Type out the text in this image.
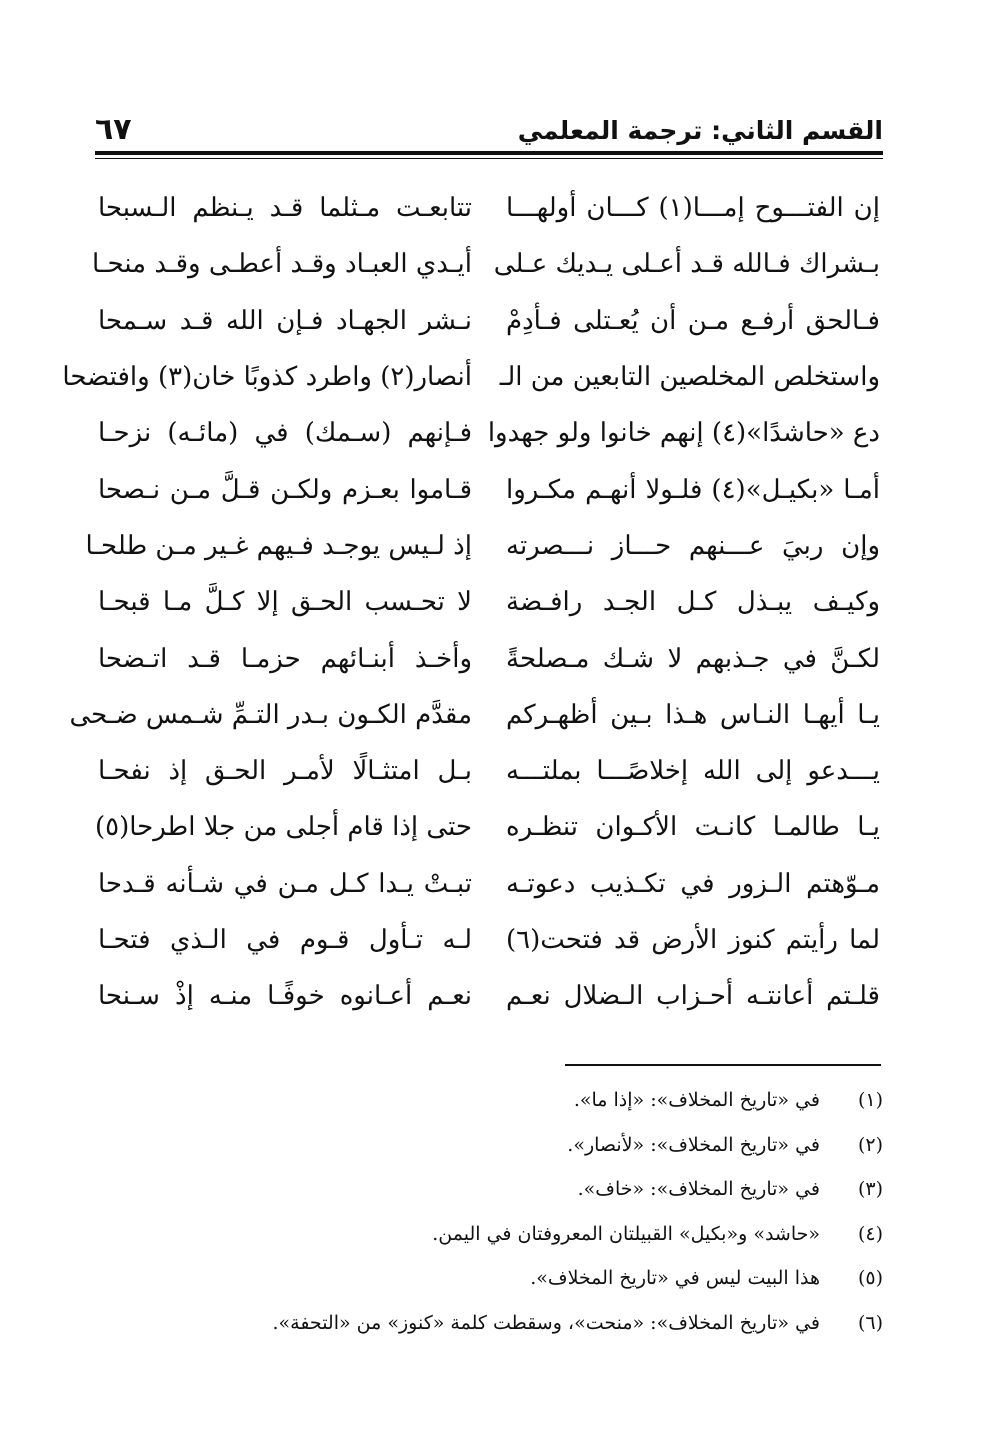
القسم الثاني: ترجمة المعلمي
٦٧
إن الفتـــوح إمـــا(١) كـــان أولهـــا
تتابعـت مـثلما قـد يـنظم الـسبحا
بـشراك فـالله قـد أعـلى يـديك عـلى
أيـدي العبـاد وقـد أعطـى وقـد منحـا
فـالحق أرفـع مـن أن يُعـتلى فـأدِمْ
نـشر الجهـاد فـإن الله قـد سـمحا
واستخلص المخلصين التابعين من الـ
أنصار(٢) واطرد كذوبًا خان(٣) وافتضحا
دع «حاشدًا»(٤) إنهم خانوا ولو جهدوا
فـإنهم (سـمك) في (مائـه) نزحـا
أمـا «بكيـل»(٤) فلـولا أنهـم مكـروا
قـاموا بعـزم ولكـن قـلَّ مـن نـصحا
وإن ربيَ عـــنهم حـــاز نـــصرته
إذ لـيس يوجـد فـيهم غـير مـن طلحـا
وكيـف يبـذل كـل الجـد رافـضة
لا تحـسب الحـق إلا كـلَّ مـا قبحـا
لكـنَّ في جـذبهم لا شـك مـصلحةً
وأخـذ أبنـائهم حزمـا قـد اتـضحا
يـا أيهـا النـاس هـذا بـين أظهـركم
مقدَّم الكـون بـدر التـمِّ شـمس ضـحى
يـــدعو إلى الله إخلاصًـــا بملتـــه
بـل امتثـالًا لأمـر الحـق إذ نفحـا
يـا طالمـا كانـت الأكـوان تنظـره
حتى إذا قام أجلى من جلا اطرحا(٥)
مـوّهتم الـزور في تكـذيب دعوتـه
تبـتْ يـدا كـل مـن في شـأنه قـدحا
لما رأيتم كنوز الأرض قد فتحت(٦)
لـه تـأول قـوم في الـذي فتحـا
قلـتم أعانتـه أحـزاب الـضلال نعـم
نعـم أعـانوه خوفًـا منـه إذْ سـنحا
(١)
في «تاريخ المخلاف»: «إذا ما».
(٢)
في «تاريخ المخلاف»: «لأنصار».
(٣)
في «تاريخ المخلاف»: «خاف».
(٤)
«حاشد» و«بكيل» القبيلتان المعروفتان في اليمن.
(٥)
هذا البيت ليس في «تاريخ المخلاف».
(٦)
في «تاريخ المخلاف»: «منحت»، وسقطت كلمة «كنوز» من «التحفة».
